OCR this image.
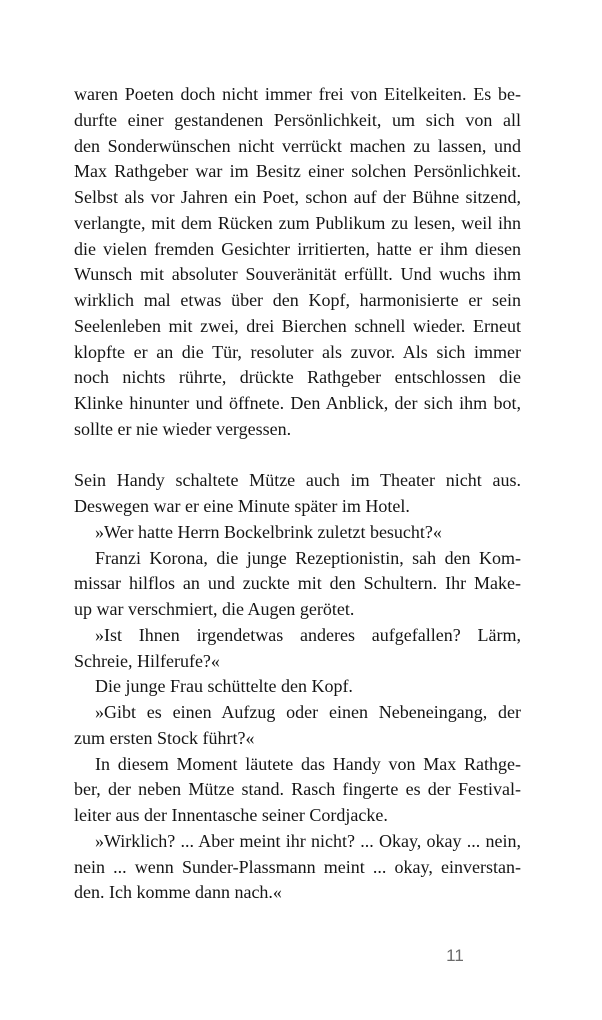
waren Poeten doch nicht immer frei von Eitelkeiten. Es be-
durfte einer gestandenen Persönlichkeit, um sich von all
den Sonderwünschen nicht verrückt machen zu lassen, und
Max Rathgeber war im Besitz einer solchen Persönlichkeit.
Selbst als vor Jahren ein Poet, schon auf der Bühne sitzend,
verlangte, mit dem Rücken zum Publikum zu lesen, weil ihn
die vielen fremden Gesichter irritierten, hatte er ihm diesen
Wunsch mit absoluter Souveränität erfüllt. Und wuchs ihm
wirklich mal etwas über den Kopf, harmonisierte er sein
Seelenleben mit zwei, drei Bierchen schnell wieder. Erneut
klopfte er an die Tür, resoluter als zuvor. Als sich immer
noch nichts rührte, drückte Rathgeber entschlossen die
Klinke hinunter und öffnete. Den Anblick, der sich ihm bot,
sollte er nie wieder vergessen.
Sein Handy schaltete Mütze auch im Theater nicht aus.
Deswegen war er eine Minute später im Hotel.
»Wer hatte Herrn Bockelbrink zuletzt besucht?«
Franzi Korona, die junge Rezeptionistin, sah den Kom-
missar hilflos an und zuckte mit den Schultern. Ihr Make-
up war verschmiert, die Augen gerötet.
»Ist Ihnen irgendetwas anderes aufgefallen? Lärm,
Schreie, Hilferufe?«
Die junge Frau schüttelte den Kopf.
»Gibt es einen Aufzug oder einen Nebeneingang, der
zum ersten Stock führt?«
In diesem Moment läutete das Handy von Max Rathge-
ber, der neben Mütze stand. Rasch fingerte es der Festival-
leiter aus der Innentasche seiner Cordjacke.
»Wirklich? ... Aber meint ihr nicht? ... Okay, okay ... nein,
nein ... wenn Sunder-Plassmann meint ... okay, einverstan-
den. Ich komme dann nach.«
11
